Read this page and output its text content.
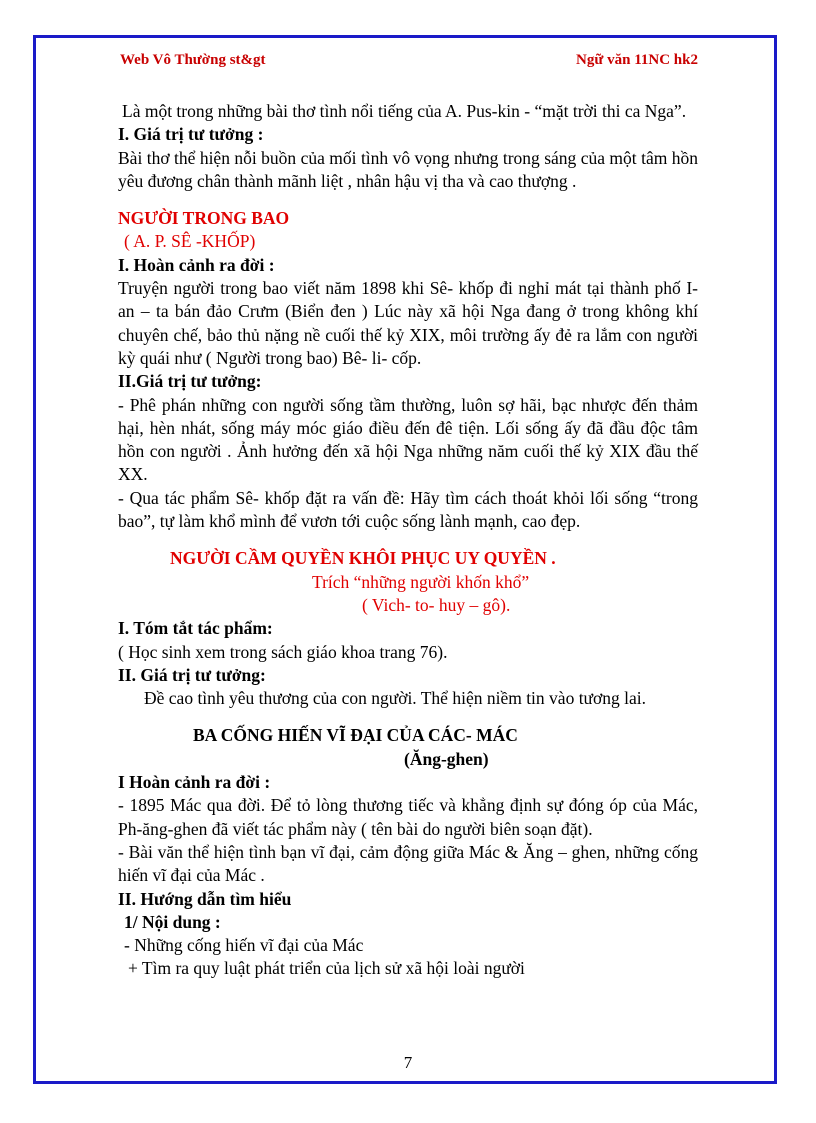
Web Vô Thường st&gt	Ngữ văn 11NC hk2

Là một trong những bài thơ tình nổi tiếng của A. Pus-kin - “mặt trời thi ca Nga”.

I. Giá trị tư tưởng :

Bài thơ thể hiện nỗi buồn của mối tình vô vọng nhưng trong sáng của một tâm hồn yêu đương chân thành mãnh liệt , nhân hậu vị tha và cao thượng .

NGƯỜI TRONG BAO

( A. P. SÊ -KHỐP)

I. Hoàn cảnh ra đời :

Truyện người trong bao viết năm 1898 khi Sê- khốp đi nghỉ mát tại thành phố I- an – ta bán đảo Crưm (Biển đen ) Lúc này xã hội Nga đang ở trong không khí chuyên chế, bảo thủ nặng nề cuối thế kỷ XIX, môi trường ấy đẻ ra lắm con người kỳ quái như ( Người trong bao) Bê- li- cốp.

II.Giá trị tư tưởng:

- Phê phán những con người sống tầm thường, luôn sợ hãi, bạc nhược đến thảm hại, hèn nhát, sống máy móc giáo điều đến đê tiện. Lối sống ấy đã đầu độc tâm hồn con người . Ảnh hưởng đến xã hội Nga những năm cuối thế kỷ XIX đầu thế XX.

- Qua tác phẩm Sê- khốp đặt ra vấn đề: Hãy tìm cách thoát khỏi lối sống “trong bao”, tự làm khổ mình để vươn tới cuộc sống lành mạnh, cao đẹp.

NGƯỜI CẦM QUYỀN KHÔI PHỤC UY QUYỀN .

Trích “những người khốn khổ”

( Vich- to- huy – gô).

I. Tóm tắt tác phẩm:

( Học sinh xem trong sách giáo khoa trang 76).

II. Giá trị tư tưởng:

Đề cao tình yêu thương của con người. Thể hiện niềm tin vào tương lai.

BA CỐNG HIẾN VĨ ĐẠI CỦA CÁC- MÁC

(Ăng-ghen)

I Hoàn cảnh ra đời :

- 1895 Mác qua đời. Để tỏ lòng thương tiếc và khẳng định sự đóng óp của Mác, Ph-ăng-ghen đã viết tác phẩm này ( tên bài do người biên soạn đặt).

- Bài văn thể hiện tình bạn vĩ đại, cảm động giữa Mác & Ăng – ghen, những cống hiến vĩ đại của Mác .

II. Hướng dẫn tìm hiểu

1/ Nội dung :

- Những cống hiến vĩ đại của Mác

+ Tìm ra quy luật phát triển của lịch sử xã hội loài người

7
